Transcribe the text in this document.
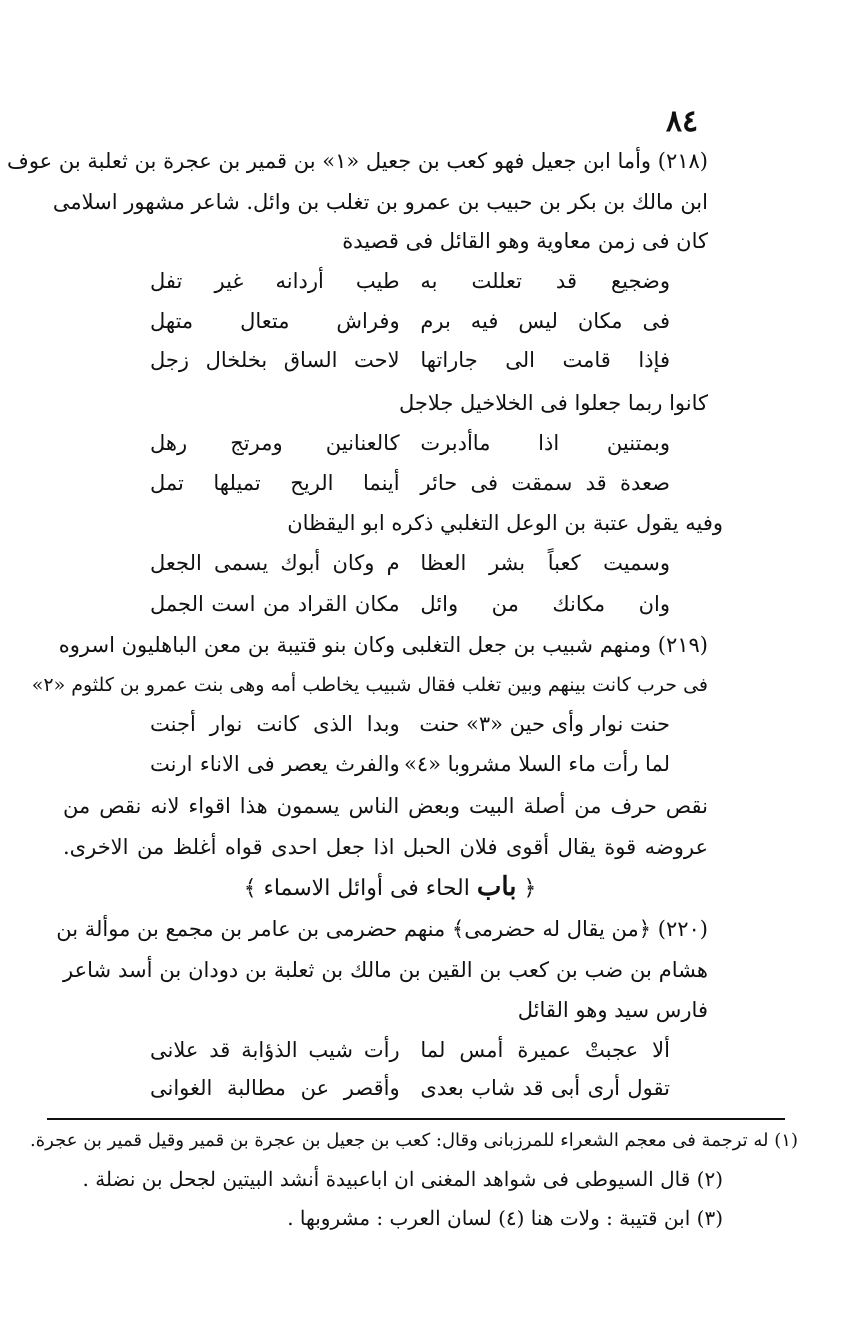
٨٤
(٢١٨) وأما ابن جعيل فهو كعب بن جعيل «١» بن قمير بن عجرة بن ثعلبة بن عوف
ابن مالك بن بكر بن حبيب بن عمرو بن تغلب بن وائل. شاعر مشهور اسلامى
كان فى زمن معاوية وهو القائل فى قصيدة
وضجيع قد تعللت به
طيب أردانه غير تفل
فى مكان ليس فيه برم
وفراش متعال متهل
فإذا قامت الى جاراتها
لاحت الساق بخلخال زجل
كانوا ربما جعلوا فى الخلاخيل جلاجل
وبمتنين اذا ماأدبرت
كالعنانين ومرتج رهل
صعدة قد سمقت فى حائر
أينما الريح تميلها تمل
وفيه يقول عتبة بن الوعل التغلبي ذكره ابو اليقظان
وسميت كعباً بشر العظا
م وكان أبوك يسمى الجعل
وان مكانك من وائل
مكان القراد من است الجمل
(٢١٩) ومنهم شبيب بن جعل التغلبى وكان بنو قتيبة بن معن الباهليون اسروه
فى حرب كانت بينهم وبين تغلب فقال شبيب يخاطب أمه وهى بنت عمرو بن كلثوم «٢»
حنت نوار وأى حين «٣» حنت
وبدا الذى كانت نوار أجنت
لما رأت ماء السلا مشروبا «٤»
والفرث يعصر فى الاناء ارنت
نقص حرف من أصلة البيت وبعض الناس يسمون هذا اقواء لانه نقص من
عروضه قوة يقال أقوى فلان الحبل اذا جعل احدى قواه أغلظ من الاخرى.
﴿ باب الحاء فى أوائل الاسماء ﴾
(٢٢٠) ﴿من يقال له حضرمى﴾ منهم حضرمى بن عامر بن مجمع بن موألة بن
هشام بن ضب بن كعب بن القين بن مالك بن ثعلبة بن دودان بن أسد شاعر
فارس سيد وهو القائل
ألا عجبتْ عميرة أمس لما
رأت شيب الذؤابة قد علانى
تقول أرى أبى قد شاب بعدى
وأقصر عن مطالبة الغوانى
(١) له ترجمة فى معجم الشعراء للمرزبانى وقال: كعب بن جعيل بن عجرة بن قمير وقيل قمير بن عجرة.
(٢) قال السيوطى فى شواهد المغنى ان اباعبيدة أنشد البيتين لجحل بن نضلة .
(٣) ابن قتيبة : ولات هنا (٤) لسان العرب : مشروبها .
